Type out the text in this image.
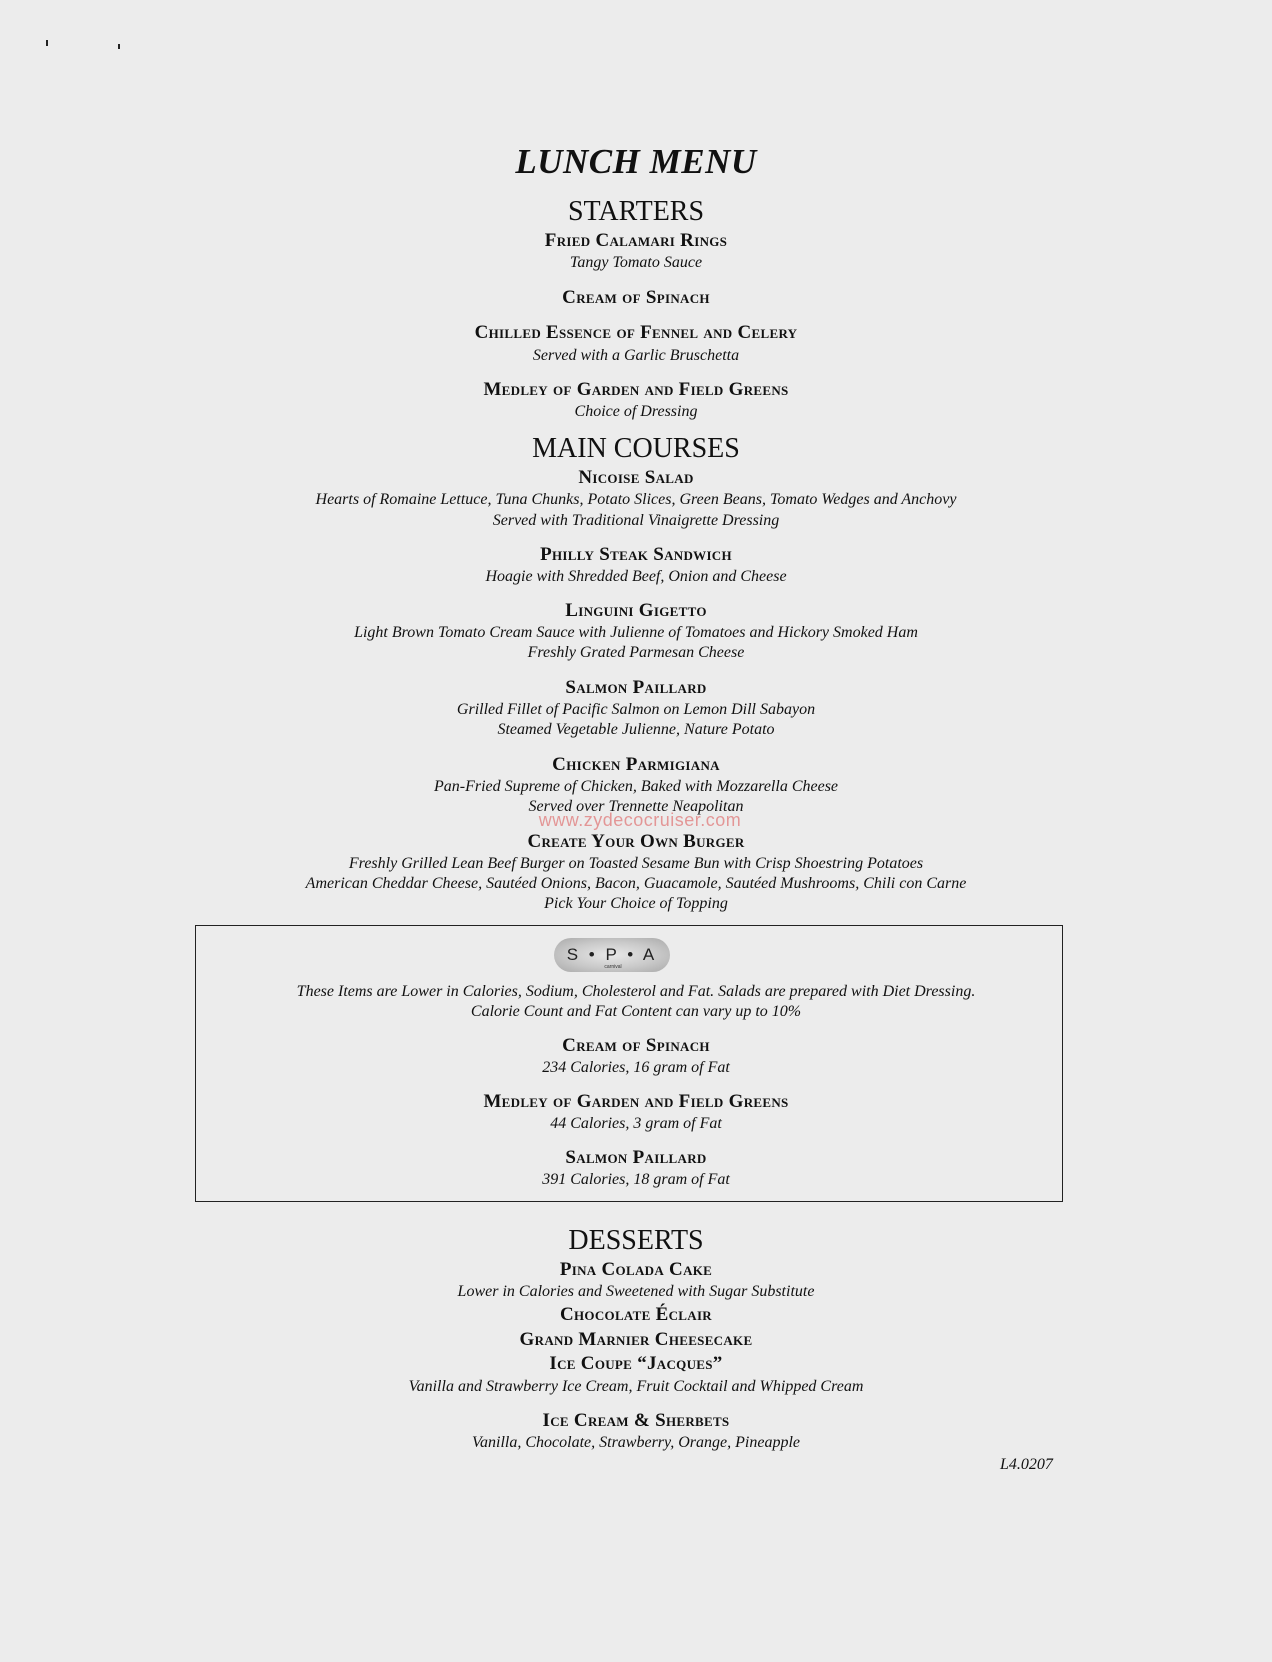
LUNCH MENU
STARTERS
Fried Calamari Rings
Tangy Tomato Sauce
Cream of Spinach
Chilled Essence of Fennel and Celery
Served with a Garlic Bruschetta
Medley of Garden and Field Greens
Choice of Dressing
MAIN COURSES
Nicoise Salad
Hearts of Romaine Lettuce, Tuna Chunks, Potato Slices, Green Beans, Tomato Wedges and Anchovy
Served with Traditional Vinaigrette Dressing
Philly Steak Sandwich
Hoagie with Shredded Beef, Onion and Cheese
Linguini Gigetto
Light Brown Tomato Cream Sauce with Julienne of Tomatoes and Hickory Smoked Ham
Freshly Grated Parmesan Cheese
Salmon Paillard
Grilled Fillet of Pacific Salmon on Lemon Dill Sabayon
Steamed Vegetable Julienne, Nature Potato
Chicken Parmigiana
Pan-Fried Supreme of Chicken, Baked with Mozzarella Cheese
Served over Trennette Neapolitan
www.zydecocruiser.com
Create Your Own Burger
Freshly Grilled Lean Beef Burger on Toasted Sesame Bun with Crisp Shoestring Potatoes
American Cheddar Cheese, Sautéed Onions, Bacon, Guacamole, Sautéed Mushrooms, Chili con Carne
Pick Your Choice of Topping
S • P • A
carnival
These Items are Lower in Calories, Sodium, Cholesterol and Fat. Salads are prepared with Diet Dressing.
Calorie Count and Fat Content can vary up to 10%
Cream of Spinach
234 Calories, 16 gram of Fat
Medley of Garden and Field Greens
44 Calories, 3 gram of Fat
Salmon Paillard
391 Calories, 18 gram of Fat
DESSERTS
Pina Colada Cake
Lower in Calories and Sweetened with Sugar Substitute
Chocolate Éclair
Grand Marnier Cheesecake
Ice Coupe “Jacques”
Vanilla and Strawberry Ice Cream, Fruit Cocktail and Whipped Cream
Ice Cream & Sherbets
Vanilla, Chocolate, Strawberry, Orange, Pineapple
L4.0207
